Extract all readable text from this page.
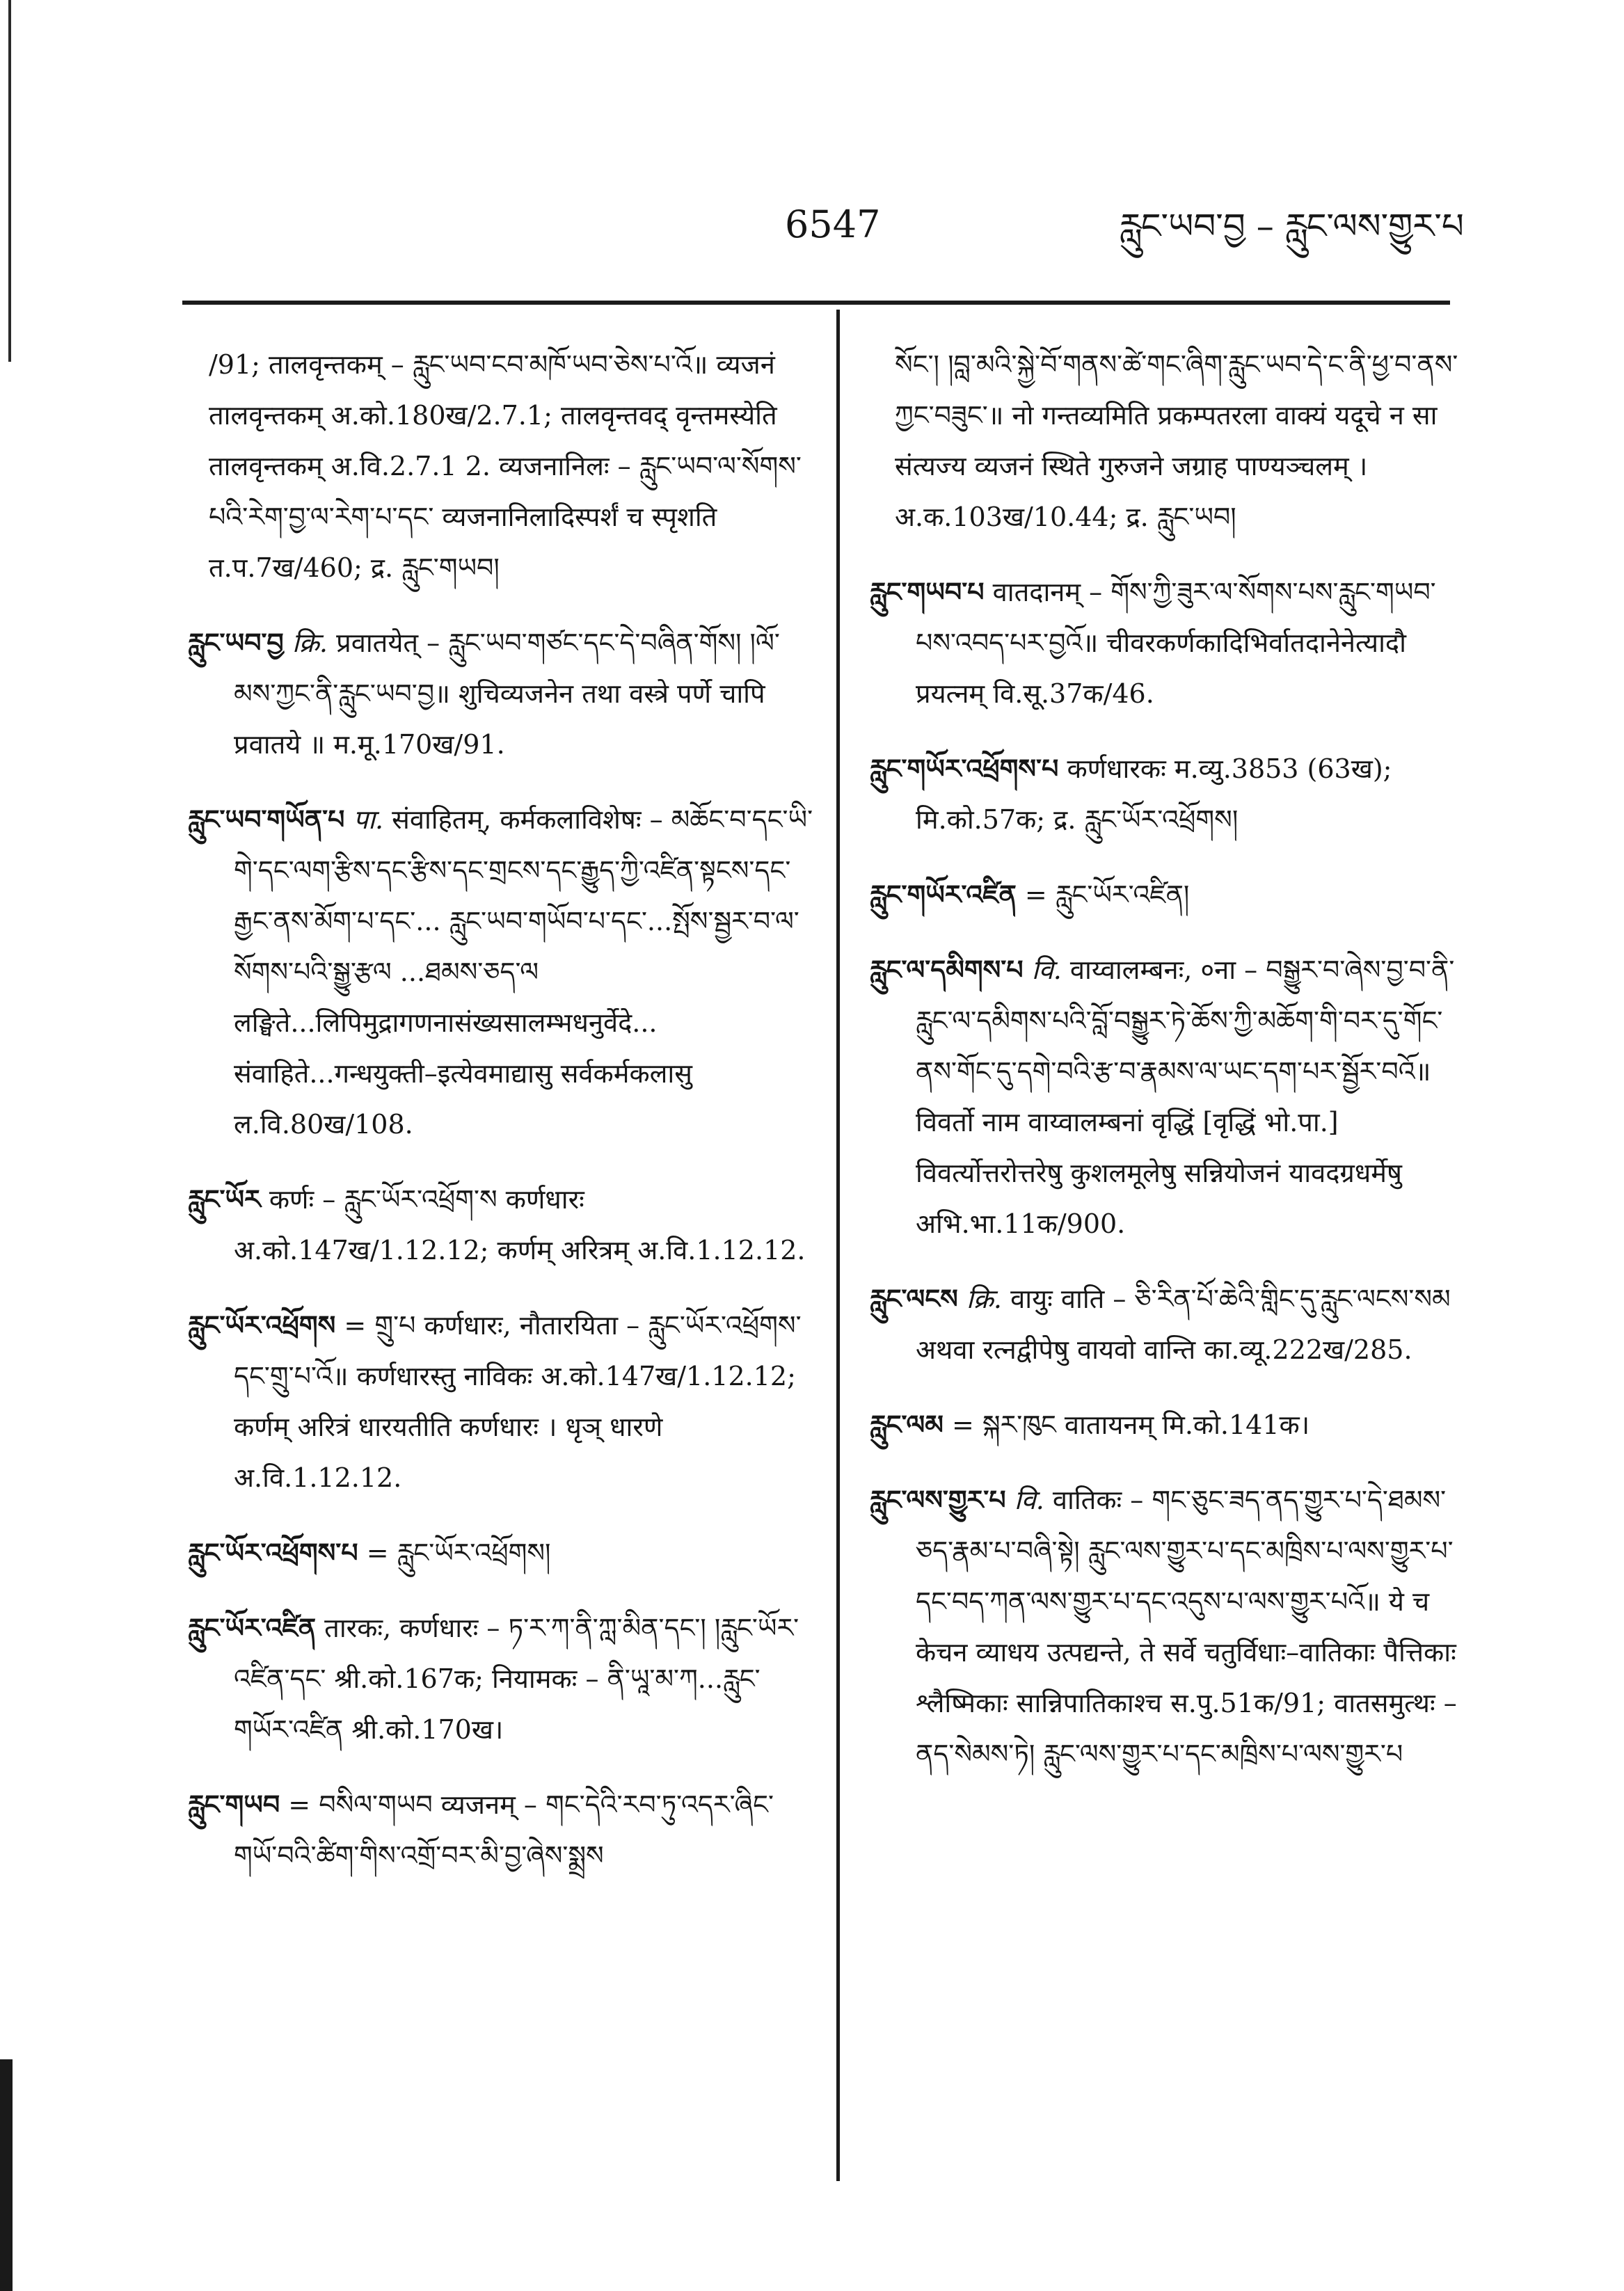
6547	རླུང་ཡབ་བྱ – རླུང་ལས་གྱུར་པ

/91; तालवृन्तकम् – རླུང་ཡབ་ངབ་མཁོ་ཡབ་ཅེས་པ་འོ॥ व्यजनं तालवृन्तकम् अ.को.180ख/2.7.1; तालवृन्तवद् वृन्तमस्येति तालवृन्तकम् अ.वि.2.7.1 2. व्यजनानिलः – རླུང་ཡབ་ལ་སོགས་པའི་རེག་བྱ་ལ་རེག་པ་དང་ व्यजनानिलादिस्पर्शं च स्पृशति त.प.7ख/460; द्र. རླུང་གཡབ།

རླུང་ཡབ་བྱ क्रि. प्रवातयेत् – རླུང་ཡབ་གཙང་དང་དེ་བཞིན་གོས། །ལོ་མས་ཀྱང་ནི་རླུང་ཡབ་བྱ॥ शुचिव्यजनेन तथा वस्त्रे पर्णे चापि प्रवातये ॥ म.मू.170ख/91.

རླུང་ཡབ་གཡོན་པ पा. संवाहितम्, कर्मकलाविशेषः – མཆོང་བ་དང་ཡི་གེ་དང་ལག་རྩིས་དང་རྩིས་དང་གྲངས་དང་རྒྱུད་ཀྱི་འཛིན་སྟངས་དང་རྒྱང་ནས་མོག་པ་དང་... རླུང་ཡབ་གཡོབ་པ་དང་...སྤོས་སྦྱར་བ་ལ་སོགས་པའི་སྒྱུ་རྩལ ...ཐམས་ཅད་ལ लङ्घिते...लिपिमुद्रागणनासंख्यसालम्भधनुर्वेदे... संवाहिते...गन्धयुक्ती–इत्येवमाद्यासु सर्वकर्मकलासु ल.वि.80ख/108.

རླུང་ཡོར कर्णः – རླུང་ཡོར་འཕྲོག་ས कर्णधारः अ.को.147ख/1.12.12; कर्णम् अरित्रम् अ.वि.1.12.12.

རླུང་ཡོར་འཕྲོགས = གྲུ་པ कर्णधारः, नौतारयिता – རླུང་ཡོར་འཕྲོགས་དང་གྲུ་པ་འོ॥ कर्णधारस्तु नाविकः अ.को.147ख/1.12.12; कर्णम् अरित्रं धारयतीति कर्णधारः । धृञ् धारणे अ.वि.1.12.12.

རླུང་ཡོར་འཕྲོགས་པ = རླུང་ཡོར་འཕྲོགས།

རླུང་ཡོར་འཛིན तारकः, कर्णधारः – ཏ་ར་ཀ་ནི་ཀླ་མིན་དང་། །རླུང་ཡོར་འཛིན་དང་ श्री.को.167क; नियामकः – ནི་ཡཱ་མ་ཀ...རླུང་གཡོར་འཛིན श्री.को.170ख।

རླུང་གཡབ = བསིལ་གཡབ व्यजनम् – གང་དེའི་རབ་ཏུ་འདར་ཞིང་གཡོ་བའི་ཚིག་གིས་འགྲོ་བར་མི་བྱ་ཞེས་སྨྲས

སོང་། །བླ་མའི་སྐྱེ་བོ་གནས་ཚེ་གང་ཞིག་རླུང་ཡབ་དེ་ང་ནི་ཕྱ་བ་ནས་ཀྱང་བཟུང་॥ नो गन्तव्यमिति प्रकम्पतरला वाक्यं यदूचे न सा संत्यज्य व्यजनं स्थिते गुरुजने जग्राह पाण्यञ्चलम् । अ.क.103ख/10.44; द्र. རླུང་ཡབ།

རླུང་གཡབ་པ वातदानम् – གོས་ཀྱི་ཟུར་ལ་སོགས་པས་རླུང་གཡབ་པས་འབད་པར་བྱའོ॥ चीवरकर्णकादिभिर्वातदानेनेत्यादौ प्रयत्नम् वि.सू.37क/46.

རླུང་གཡོར་འཕྲོགས་པ कर्णधारकः म.व्यु.3853 (63ख); मि.को.57क; द्र. རླུང་ཡོར་འཕྲོགས།

རླུང་གཡོར་འཛིན = རླུང་ཡོར་འཛིན།

རླུང་ལ་དམིགས་པ वि. वाय्वालम्बनः, ०ना – བསྒྱུར་བ་ཞེས་བྱ་བ་ནི་རླུང་ལ་དམིགས་པའི་བློ་བསྒྱུར་ཏེ་ཆོས་ཀྱི་མཆོག་གི་བར་དུ་གོང་ནས་གོང་དུ་དགེ་བའི་རྩ་བ་རྣམས་ལ་ཡང་དག་པར་སྦྱོར་བའོ॥ विवर्तो नाम वाय्वालम्बनां वृद्धिं [वृद्धिं भो.पा.] विवर्त्योत्तरोत्तरेषु कुशलमूलेषु सन्नियोजनं यावदग्रधर्मेषु अभि.भा.11क/900.

རླུང་ལངས क्रि. वायुः वाति – ཅི་རིན་པོ་ཆེའི་གླིང་དུ་རླུང་ལངས་སམ अथवा रत्नद्वीपेषु वायवो वान्ति का.व्यू.222ख/285.

རླུང་ལམ = སྐར་ཁུང वातायनम् मि.को.141क।

རླུང་ལས་གྱུར་པ वि. वातिकः – གང་ཅུང་ཟད་ནད་གྱུར་པ་དེ་ཐམས་ཅད་རྣམ་པ་བཞི་སྟེ། རླུང་ལས་གྱུར་པ་དང་མཁྲིས་པ་ལས་གྱུར་པ་དང་བད་ཀན་ལས་གྱུར་པ་དང་འདུས་པ་ལས་གྱུར་པའོ॥ ये च केचन व्याधय उत्पद्यन्ते, ते सर्वे चतुर्विधाः–वातिकाः पैत्तिकाः श्लैष्मिकाः सान्निपातिकाश्च स.पु.51क/91; वातसमुत्थः – ནད་སེམས་ཏེ། རླུང་ལས་གྱུར་པ་དང་མཁྲིས་པ་ལས་གྱུར་པ
